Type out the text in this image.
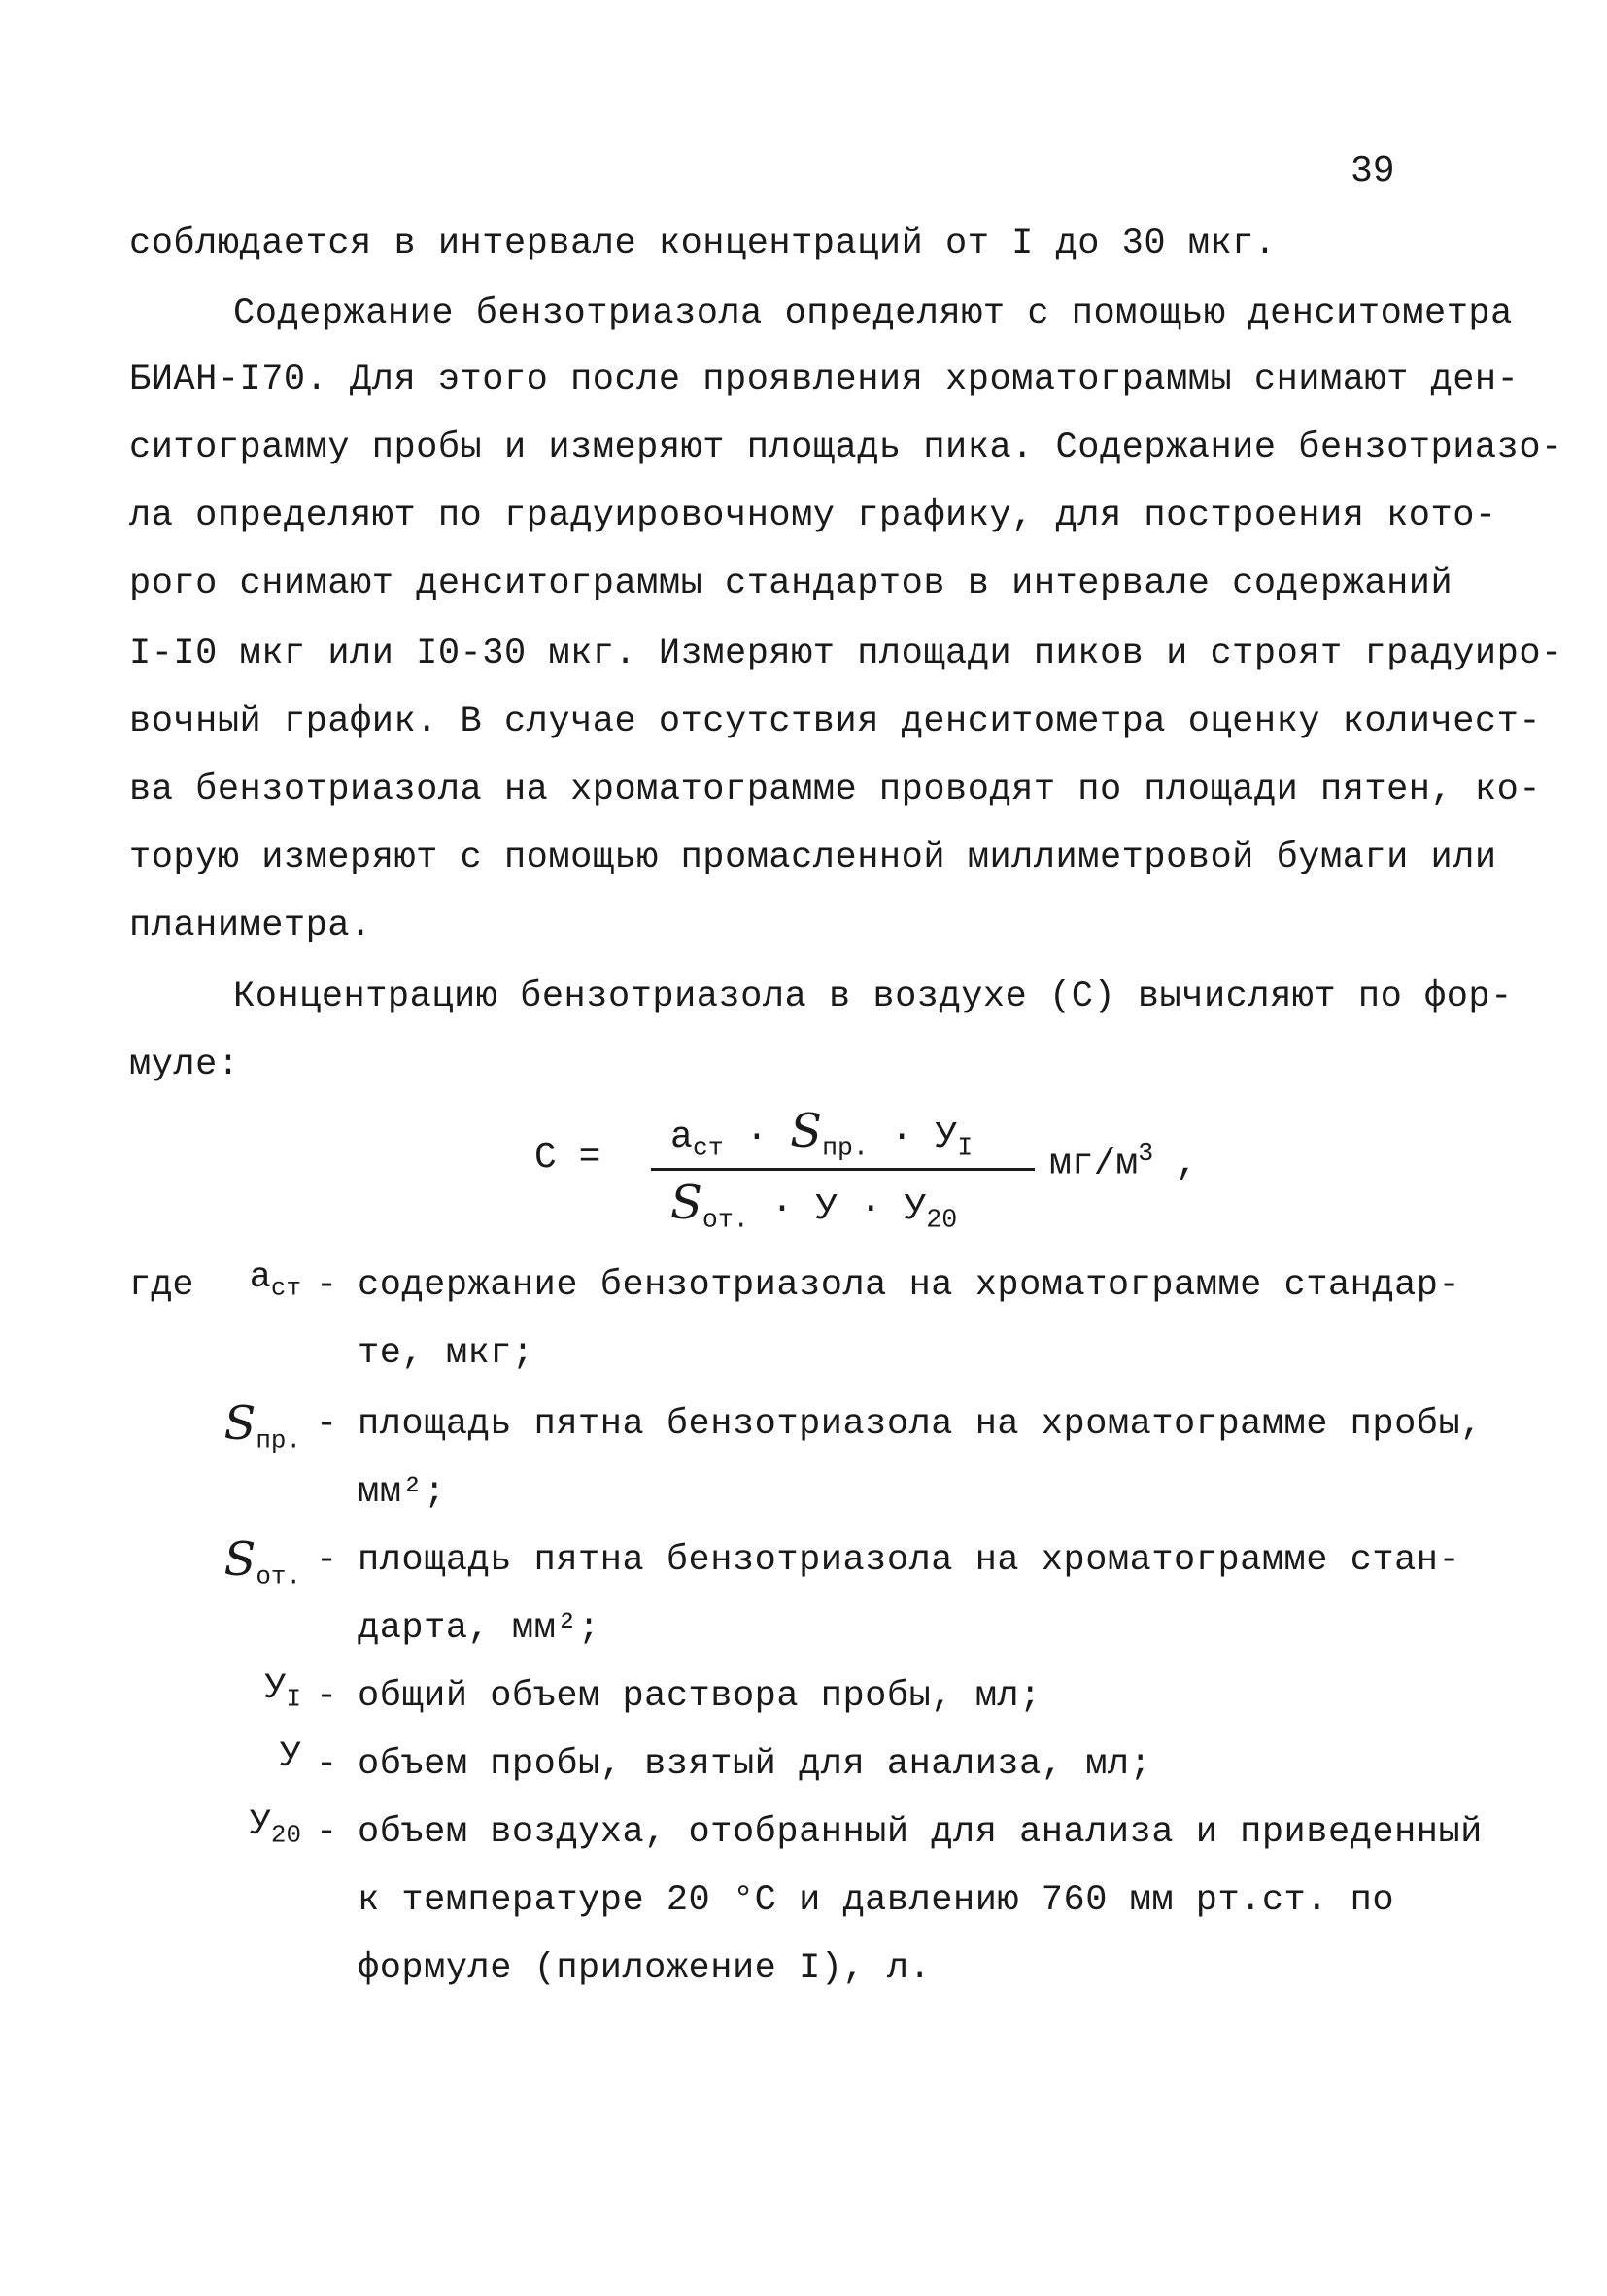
39
соблюдается в интервале концентраций от I до 30 мкг.
Содержание бензотриазола определяют с помощью денситометра
БИАН-I70. Для этого после проявления хроматограммы снимают ден-
ситограмму пробы и измеряют площадь пика. Содержание бензотриазо-
ла определяют по градуировочному графику, для построения кото-
рого снимают денситограммы стандартов в интервале содержаний
I-I0 мкг или I0-30 мкг. Измеряют площади пиков и строят градуиро-
вочный график. В случае отсутствия денситометра оценку количест-
ва бензотриазола на хроматограмме проводят по площади пятен, ко-
торую измеряют с помощью промасленной миллиметровой бумаги или
планиметра.
Концентрацию бензотриазола в воздухе (С) вычисляют по фор-
муле:
$С = а_{ст} \cdot S_{пр.} \cdot У_I$
$S_{от.} \cdot У \cdot У_{20}$
$мг/м^3$ ,
где $а_{ст}$ - содержание бензотриазола на хроматограмме стандар-
те, мкг;
$S_{пр.}$ - площадь пятна бензотриазола на хроматограмме пробы,
мм²;
$S_{от.}$ - площадь пятна бензотриазола на хроматограмме стан-
дарта, мм²;
$У_I$ - общий объем раствора пробы, мл;
У - объем пробы, взятый для анализа, мл;
$У_{20}$ - объем воздуха, отобранный для анализа и приведенный
к температуре 20 °С и давлению 760 мм рт.ст. по
формуле (приложение I), л.
